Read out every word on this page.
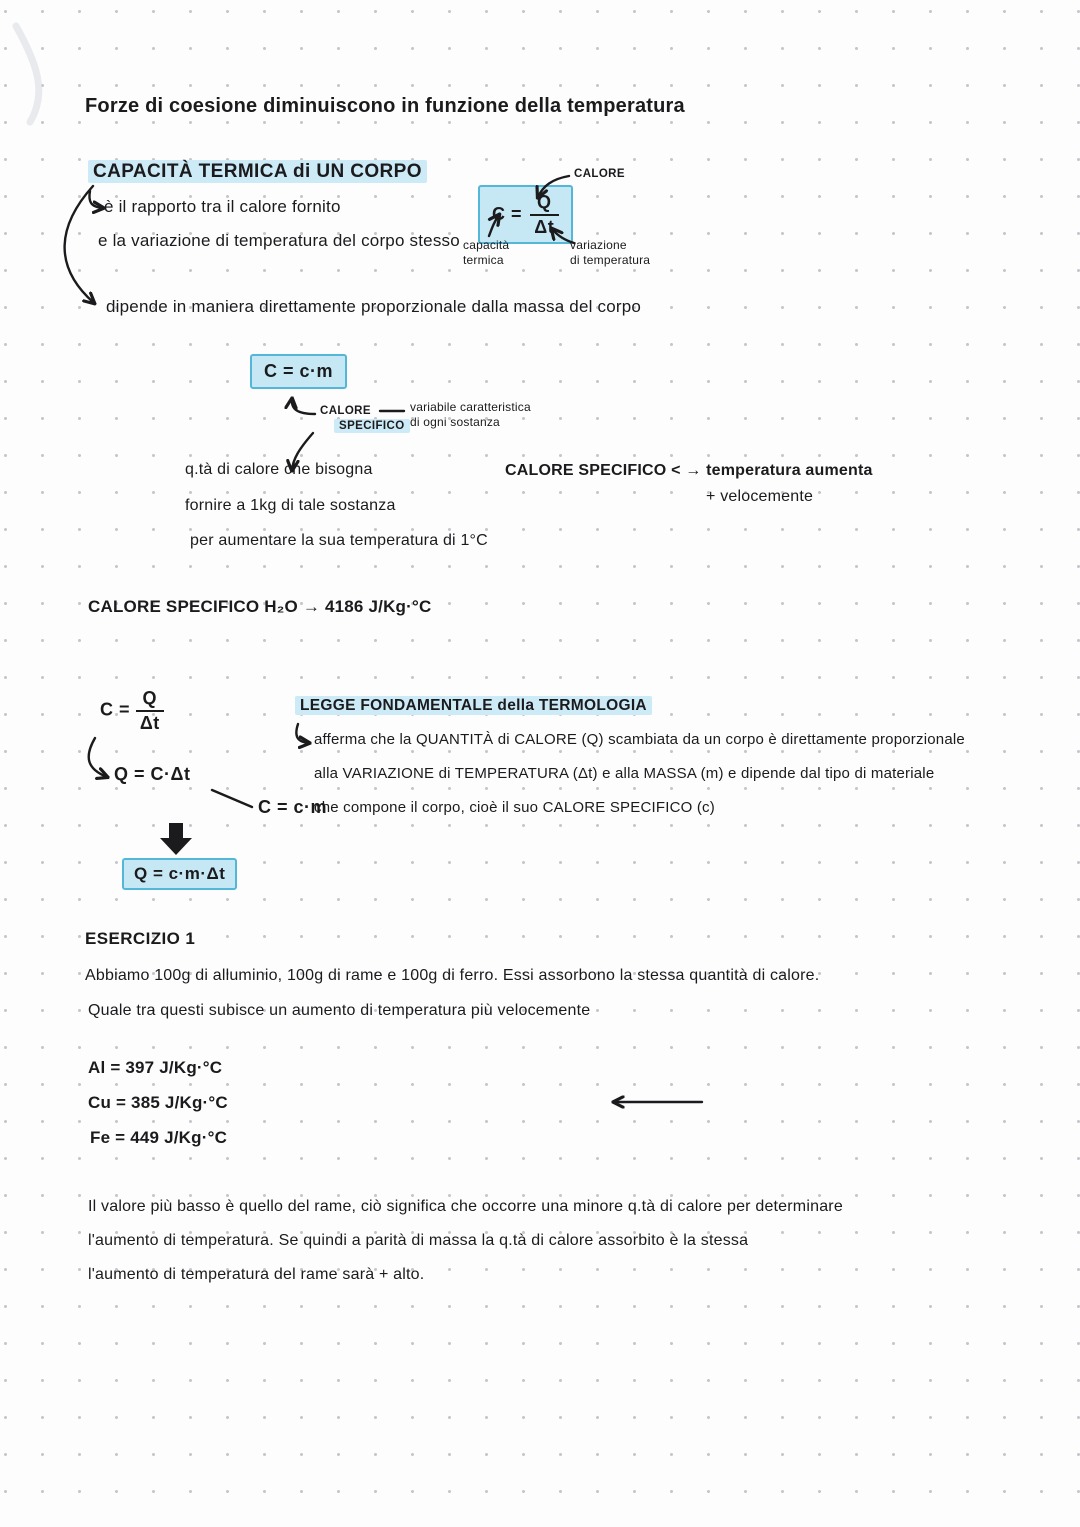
Forze di coesione diminuiscono in funzione della temperatura
CAPACITÀ TERMICA di UN CORPO
è il rapporto tra il calore fornito
e la variazione di temperatura del corpo stesso
$C = \frac{Q}{\Delta t}$
CALORE
capacità
termica
variazione
di temperatura
dipende in maniera direttamente proporzionale dalla massa del corpo
C = c·m
CALORE
SPECIFICO
variabile caratteristica
di ogni sostanza
q.tà di calore che bisogna
fornire a 1kg di tale sostanza
per aumentare la sua temperatura di 1°C
CALORE SPECIFICO < → temperatura aumenta
+ velocemente
CALORE SPECIFICO H₂O → 4186 J/Kg·°C
$C = \frac{Q}{\Delta t}$
Q = C·Δt
C = c·m
Q = c·m·Δt
LEGGE FONDAMENTALE della TERMOLOGIA
afferma che la QUANTITÀ di CALORE (Q) scambiata da un corpo è direttamente proporzionale
alla VARIAZIONE di TEMPERATURA (Δt) e alla MASSA (m) e dipende dal tipo di materiale
che compone il corpo, cioè il suo CALORE SPECIFICO (c)
ESERCIZIO 1
Abbiamo 100g di alluminio, 100g di rame e 100g di ferro. Essi assorbono la stessa quantità di calore.
Quale tra questi subisce un aumento di temperatura più velocemente
Al = 397 J/Kg·°C
Cu = 385 J/Kg·°C
Fe = 449 J/Kg·°C
Il valore più basso è quello del rame, ciò significa che occorre una minore q.tà di calore per determinare
l'aumento di temperatura. Se quindi a parità di massa la q.tà di calore assorbito è la stessa
l'aumento di temperatura del rame sarà + alto.
